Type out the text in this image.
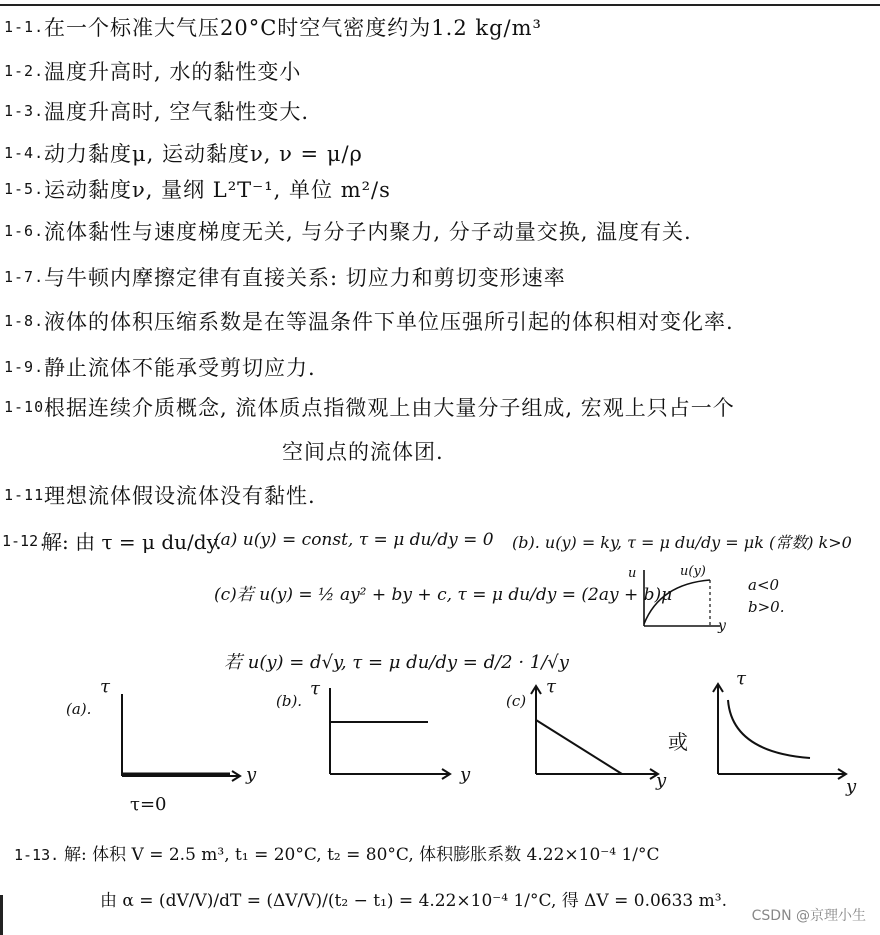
1-1. 在一个标准大气压20°C时空气密度约为1.2 kg/m³
1-2. 温度升高时, 水的黏性变小
1-3. 温度升高时, 空气黏性变大.
1-4. 动力黏度μ, 运动黏度ν, ν = μ/ρ
1-5. 运动黏度ν, 量纲 L²T⁻¹, 单位 m²/s
1-6. 流体黏性与速度梯度无关, 与分子内聚力, 分子动量交换, 温度有关.
1-7. 与牛顿内摩擦定律有直接关系: 切应力和剪切变形速率
1-8. 液体的体积压缩系数是在等温条件下单位压强所引起的体积相对变化率.
1-9. 静止流体不能承受剪切应力.
1-10.
根据连续介质概念, 流体质点指微观上由大量分子组成, 宏观上只占一个
空间点的流体团.
1-11.
理想流体假设流体没有黏性.
1-12.
解: 由 τ = μ du/dy.
(a) u(y) = const, τ = μ du/dy = 0 (b). u(y) = ky, τ = μ du/dy = μk (常数) k>0
(c)若 u(y) = ½ ay² + by + c, τ = μ du/dy = (2ay + b)μ	a<0
b>0.
若 u(y) = d√y, τ = μ du/dy = d/2 · 1/√y
u	u(y)
y
(a).
τ
y
τ=0
(b).
τ
y
(c)
τ
y
或
τ
y
1-13. 解: 体积 V = 2.5 m³, t₁ = 20°C, t₂ = 80°C, 体积膨胀系数 4.22×10⁻⁴ 1/°C
由 α = (dV/V)/dT = (ΔV/V)/(t₂ − t₁) = 4.22×10⁻⁴ 1/°C, 得 ΔV = 0.0633 m³.
CSDN @京理小生
